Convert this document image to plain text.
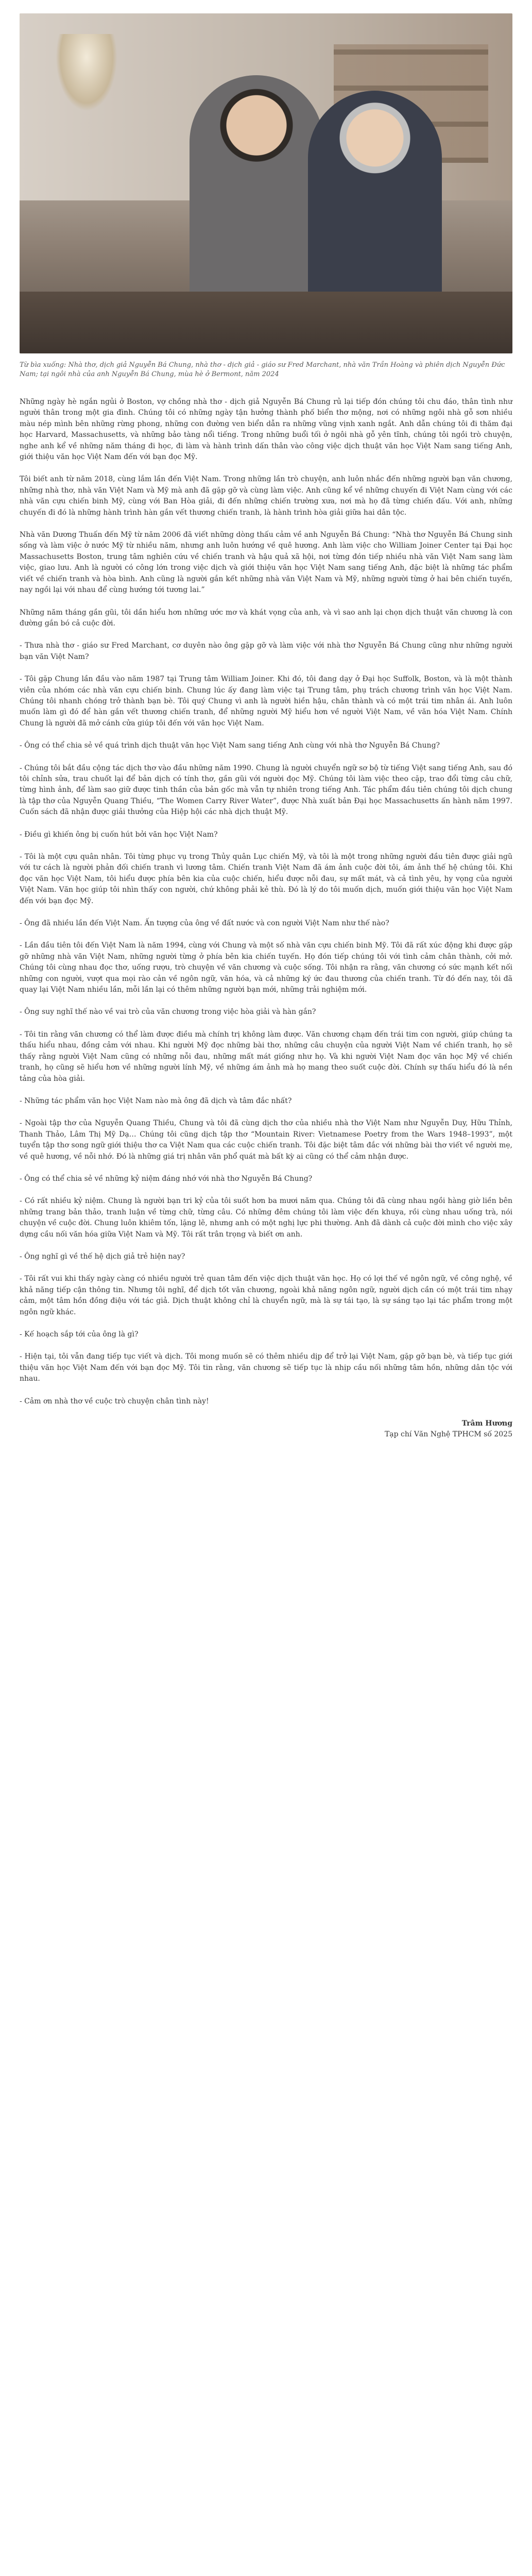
Từ bìa xuống: Nhà thơ, dịch giả Nguyễn Bá Chung, nhà thơ - dịch giả - giáo sư Fred Marchant, nhà văn Trần Hoàng và phiên dịch Nguyễn Đức Nam; tại ngôi nhà của anh Nguyễn Bá Chung, mùa hè ở Bermont, năm 2024

Những ngày hè ngắn ngủi ở Boston, vợ chồng nhà thơ - dịch giả Nguyễn Bá Chung rủ lại tiếp đón chúng tôi chu đáo, thân tình như người thân trong một gia đình. Chúng tôi có những ngày tận hưởng thành phố biển thơ mộng, nơi có những ngôi nhà gỗ sơn nhiều màu nép mình bên những rừng phong, những con đường ven biển dẫn ra những vũng vịnh xanh ngắt. Anh dẫn chúng tôi đi thăm đại học Harvard, Massachusetts, và những bảo tàng nổi tiếng. Trong những buổi tối ở ngôi nhà gỗ yên tĩnh, chúng tôi ngồi trò chuyện, nghe anh kể về những năm tháng đi học, đi làm và hành trình dấn thân vào công việc dịch thuật văn học Việt Nam sang tiếng Anh, giới thiệu văn học Việt Nam đến với bạn đọc Mỹ.

Tôi biết anh từ năm 2018, cùng lắm lần đến Việt Nam. Trong những lần trò chuyện, anh luôn nhắc đến những người bạn văn chương, những nhà thơ, nhà văn Việt Nam và Mỹ mà anh đã gặp gỡ và cùng làm việc. Anh cũng kể về những chuyến đi Việt Nam cùng với các nhà văn cựu chiến binh Mỹ, cùng với Ban Hòa giải, đi đến những chiến trường xưa, nơi mà họ đã từng chiến đấu. Với anh, những chuyến đi đó là những hành trình hàn gắn vết thương chiến tranh, là hành trình hòa giải giữa hai dân tộc.

Nhà văn Dương Thuấn đến Mỹ từ năm 2006 đã viết những dòng thấu cảm về anh Nguyễn Bá Chung: “Nhà thơ Nguyễn Bá Chung sinh sống và làm việc ở nước Mỹ từ nhiều năm, nhưng anh luôn hướng về quê hương. Anh làm việc cho William Joiner Center tại Đại học Massachusetts Boston, trung tâm nghiên cứu về chiến tranh và hậu quả xã hội, nơi từng đón tiếp nhiều nhà văn Việt Nam sang làm việc, giao lưu. Anh là người có công lớn trong việc dịch và giới thiệu văn học Việt Nam sang tiếng Anh, đặc biệt là những tác phẩm viết về chiến tranh và hòa bình. Anh cũng là người gắn kết những nhà văn Việt Nam và Mỹ, những người từng ở hai bên chiến tuyến, nay ngồi lại với nhau để cùng hướng tới tương lai.”

Những năm tháng gần gũi, tôi dần hiểu hơn những ước mơ và khát vọng của anh, và vì sao anh lại chọn dịch thuật văn chương là con đường gắn bó cả cuộc đời.

- Thưa nhà thơ - giáo sư Fred Marchant, cơ duyên nào ông gặp gỡ và làm việc với nhà thơ Nguyễn Bá Chung cũng như những người bạn văn Việt Nam?

- Tôi gặp Chung lần đầu vào năm 1987 tại Trung tâm William Joiner. Khi đó, tôi đang dạy ở Đại học Suffolk, Boston, và là một thành viên của nhóm các nhà văn cựu chiến binh. Chung lúc ấy đang làm việc tại Trung tâm, phụ trách chương trình văn học Việt Nam. Chúng tôi nhanh chóng trở thành bạn bè. Tôi quý Chung vì anh là người hiền hậu, chân thành và có một trái tim nhân ái. Anh luôn muốn làm gì đó để hàn gắn vết thương chiến tranh, để những người Mỹ hiểu hơn về người Việt Nam, về văn hóa Việt Nam. Chính Chung là người đã mở cánh cửa giúp tôi đến với văn học Việt Nam.

- Ông có thể chia sẻ về quá trình dịch thuật văn học Việt Nam sang tiếng Anh cùng với nhà thơ Nguyễn Bá Chung?

- Chúng tôi bắt đầu cộng tác dịch thơ vào đầu những năm 1990. Chung là người chuyển ngữ sơ bộ từ tiếng Việt sang tiếng Anh, sau đó tôi chỉnh sửa, trau chuốt lại để bản dịch có tính thơ, gần gũi với người đọc Mỹ. Chúng tôi làm việc theo cặp, trao đổi từng câu chữ, từng hình ảnh, để làm sao giữ được tinh thần của bản gốc mà vẫn tự nhiên trong tiếng Anh. Tác phẩm đầu tiên chúng tôi dịch chung là tập thơ của Nguyễn Quang Thiều, “The Women Carry River Water”, được Nhà xuất bản Đại học Massachusetts ấn hành năm 1997. Cuốn sách đã nhận được giải thưởng của Hiệp hội các nhà dịch thuật Mỹ.

- Điều gì khiến ông bị cuốn hút bởi văn học Việt Nam?

- Tôi là một cựu quân nhân. Tôi từng phục vụ trong Thủy quân Lục chiến Mỹ, và tôi là một trong những người đầu tiên được giải ngũ với tư cách là người phản đối chiến tranh vì lương tâm. Chiến tranh Việt Nam đã ám ảnh cuộc đời tôi, ám ảnh thế hệ chúng tôi. Khi đọc văn học Việt Nam, tôi hiểu được phía bên kia của cuộc chiến, hiểu được nỗi đau, sự mất mát, và cả tình yêu, hy vọng của người Việt Nam. Văn học giúp tôi nhìn thấy con người, chứ không phải kẻ thù. Đó là lý do tôi muốn dịch, muốn giới thiệu văn học Việt Nam đến với bạn đọc Mỹ.

- Ông đã nhiều lần đến Việt Nam. Ấn tượng của ông về đất nước và con người Việt Nam như thế nào?

- Lần đầu tiên tôi đến Việt Nam là năm 1994, cùng với Chung và một số nhà văn cựu chiến binh Mỹ. Tôi đã rất xúc động khi được gặp gỡ những nhà văn Việt Nam, những người từng ở phía bên kia chiến tuyến. Họ đón tiếp chúng tôi với tình cảm chân thành, cởi mở. Chúng tôi cùng nhau đọc thơ, uống rượu, trò chuyện về văn chương và cuộc sống. Tôi nhận ra rằng, văn chương có sức mạnh kết nối những con người, vượt qua mọi rào cản về ngôn ngữ, văn hóa, và cả những ký ức đau thương của chiến tranh. Từ đó đến nay, tôi đã quay lại Việt Nam nhiều lần, mỗi lần lại có thêm những người bạn mới, những trải nghiệm mới.

- Ông suy nghĩ thế nào về vai trò của văn chương trong việc hòa giải và hàn gắn?

- Tôi tin rằng văn chương có thể làm được điều mà chính trị không làm được. Văn chương chạm đến trái tim con người, giúp chúng ta thấu hiểu nhau, đồng cảm với nhau. Khi người Mỹ đọc những bài thơ, những câu chuyện của người Việt Nam về chiến tranh, họ sẽ thấy rằng người Việt Nam cũng có những nỗi đau, những mất mát giống như họ. Và khi người Việt Nam đọc văn học Mỹ về chiến tranh, họ cũng sẽ hiểu hơn về những người lính Mỹ, về những ám ảnh mà họ mang theo suốt cuộc đời. Chính sự thấu hiểu đó là nền tảng của hòa giải.

- Những tác phẩm văn học Việt Nam nào mà ông đã dịch và tâm đắc nhất?

- Ngoài tập thơ của Nguyễn Quang Thiều, Chung và tôi đã cùng dịch thơ của nhiều nhà thơ Việt Nam như Nguyễn Duy, Hữu Thỉnh, Thanh Thảo, Lâm Thị Mỹ Dạ… Chúng tôi cũng dịch tập thơ “Mountain River: Vietnamese Poetry from the Wars 1948–1993”, một tuyển tập thơ song ngữ giới thiệu thơ ca Việt Nam qua các cuộc chiến tranh. Tôi đặc biệt tâm đắc với những bài thơ viết về người mẹ, về quê hương, về nỗi nhớ. Đó là những giá trị nhân văn phổ quát mà bất kỳ ai cũng có thể cảm nhận được.

- Ông có thể chia sẻ về những kỷ niệm đáng nhớ với nhà thơ Nguyễn Bá Chung?

- Có rất nhiều kỷ niệm. Chung là người bạn tri kỷ của tôi suốt hơn ba mươi năm qua. Chúng tôi đã cùng nhau ngồi hàng giờ liền bên những trang bản thảo, tranh luận về từng chữ, từng câu. Có những đêm chúng tôi làm việc đến khuya, rồi cùng nhau uống trà, nói chuyện về cuộc đời. Chung luôn khiêm tốn, lặng lẽ, nhưng anh có một nghị lực phi thường. Anh đã dành cả cuộc đời mình cho việc xây dựng cầu nối văn hóa giữa Việt Nam và Mỹ. Tôi rất trân trọng và biết ơn anh.

- Ông nghĩ gì về thế hệ dịch giả trẻ hiện nay?

- Tôi rất vui khi thấy ngày càng có nhiều người trẻ quan tâm đến việc dịch thuật văn học. Họ có lợi thế về ngôn ngữ, về công nghệ, về khả năng tiếp cận thông tin. Nhưng tôi nghĩ, để dịch tốt văn chương, ngoài khả năng ngôn ngữ, người dịch cần có một trái tim nhạy cảm, một tâm hồn đồng điệu với tác giả. Dịch thuật không chỉ là chuyển ngữ, mà là sự tái tạo, là sự sáng tạo lại tác phẩm trong một ngôn ngữ khác.

- Kế hoạch sắp tới của ông là gì?

- Hiện tại, tôi vẫn đang tiếp tục viết và dịch. Tôi mong muốn sẽ có thêm nhiều dịp để trở lại Việt Nam, gặp gỡ bạn bè, và tiếp tục giới thiệu văn học Việt Nam đến với bạn đọc Mỹ. Tôi tin rằng, văn chương sẽ tiếp tục là nhịp cầu nối những tâm hồn, những dân tộc với nhau.

- Cảm ơn nhà thơ về cuộc trò chuyện chân tình này!

Trâm Hương
Tạp chí Văn Nghệ TPHCM số 2025
